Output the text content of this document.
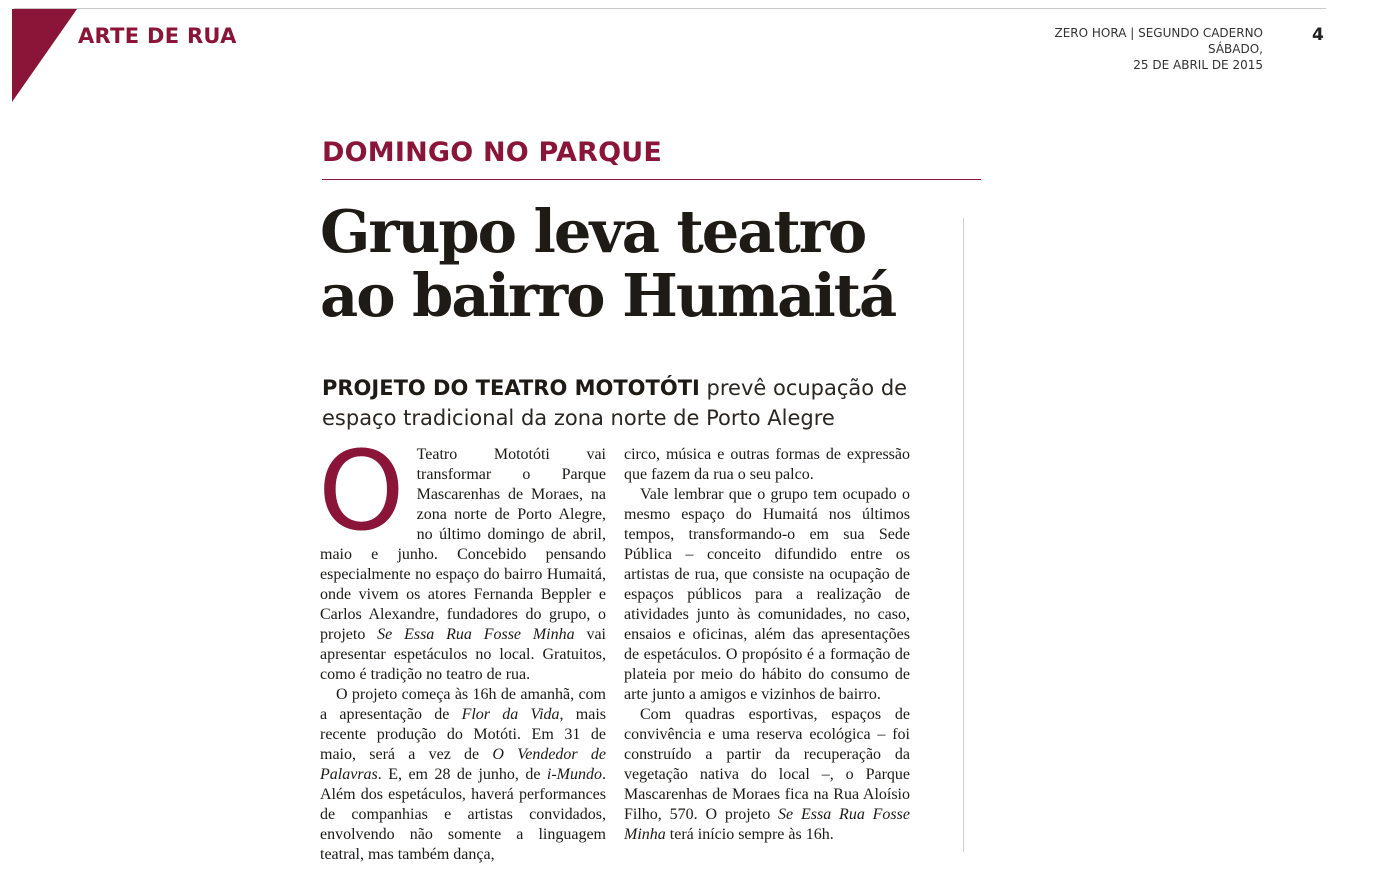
ARTE DE RUA	ZERO HORA | SEGUNDO CADERNO
SÁBADO,
25 DE ABRIL DE 2015
4
DOMINGO NO PARQUE
Grupo leva teatro
ao bairro Humaitá
PROJETO DO TEATRO MOTOTÓTI prevê ocupação de espaço tradicional da zona norte de Porto Alegre

O Teatro Mototóti vai transformar o Parque Mascarenhas de Moraes, na zona norte de Porto Alegre, no último domingo de abril, maio e junho. Concebido pensando especialmente no espaço do bairro Humaitá, onde vivem os atores Fernanda Beppler e Carlos Alexandre, fundadores do grupo, o projeto Se Essa Rua Fosse Minha vai apresentar espetáculos no local. Gratuitos, como é tradição no teatro de rua.

O projeto começa às 16h de amanhã, com a apresentação de Flor da Vida, mais recente produção do Motóti. Em 31 de maio, será a vez de O Vendedor de Palavras. E, em 28 de junho, de i-Mundo. Além dos espetáculos, haverá performances de companhias e artistas convidados, envolvendo não somente a linguagem teatral, mas também dança,

circo, música e outras formas de expressão que fazem da rua o seu palco.

Vale lembrar que o grupo tem ocupado o mesmo espaço do Humaitá nos últimos tempos, transformando-o em sua Sede Pública – conceito difundido entre os artistas de rua, que consiste na ocupação de espaços públicos para a realização de atividades junto às comunidades, no caso, ensaios e oficinas, além das apresentações de espetáculos. O propósito é a formação de plateia por meio do hábito do consumo de arte junto a amigos e vizinhos de bairro.

Com quadras esportivas, espaços de convivência e uma reserva ecológica – foi construído a partir da recuperação da vegetação nativa do local –, o Parque Mascarenhas de Moraes fica na Rua Aloísio Filho, 570. O projeto Se Essa Rua Fosse Minha terá início sempre às 16h.
